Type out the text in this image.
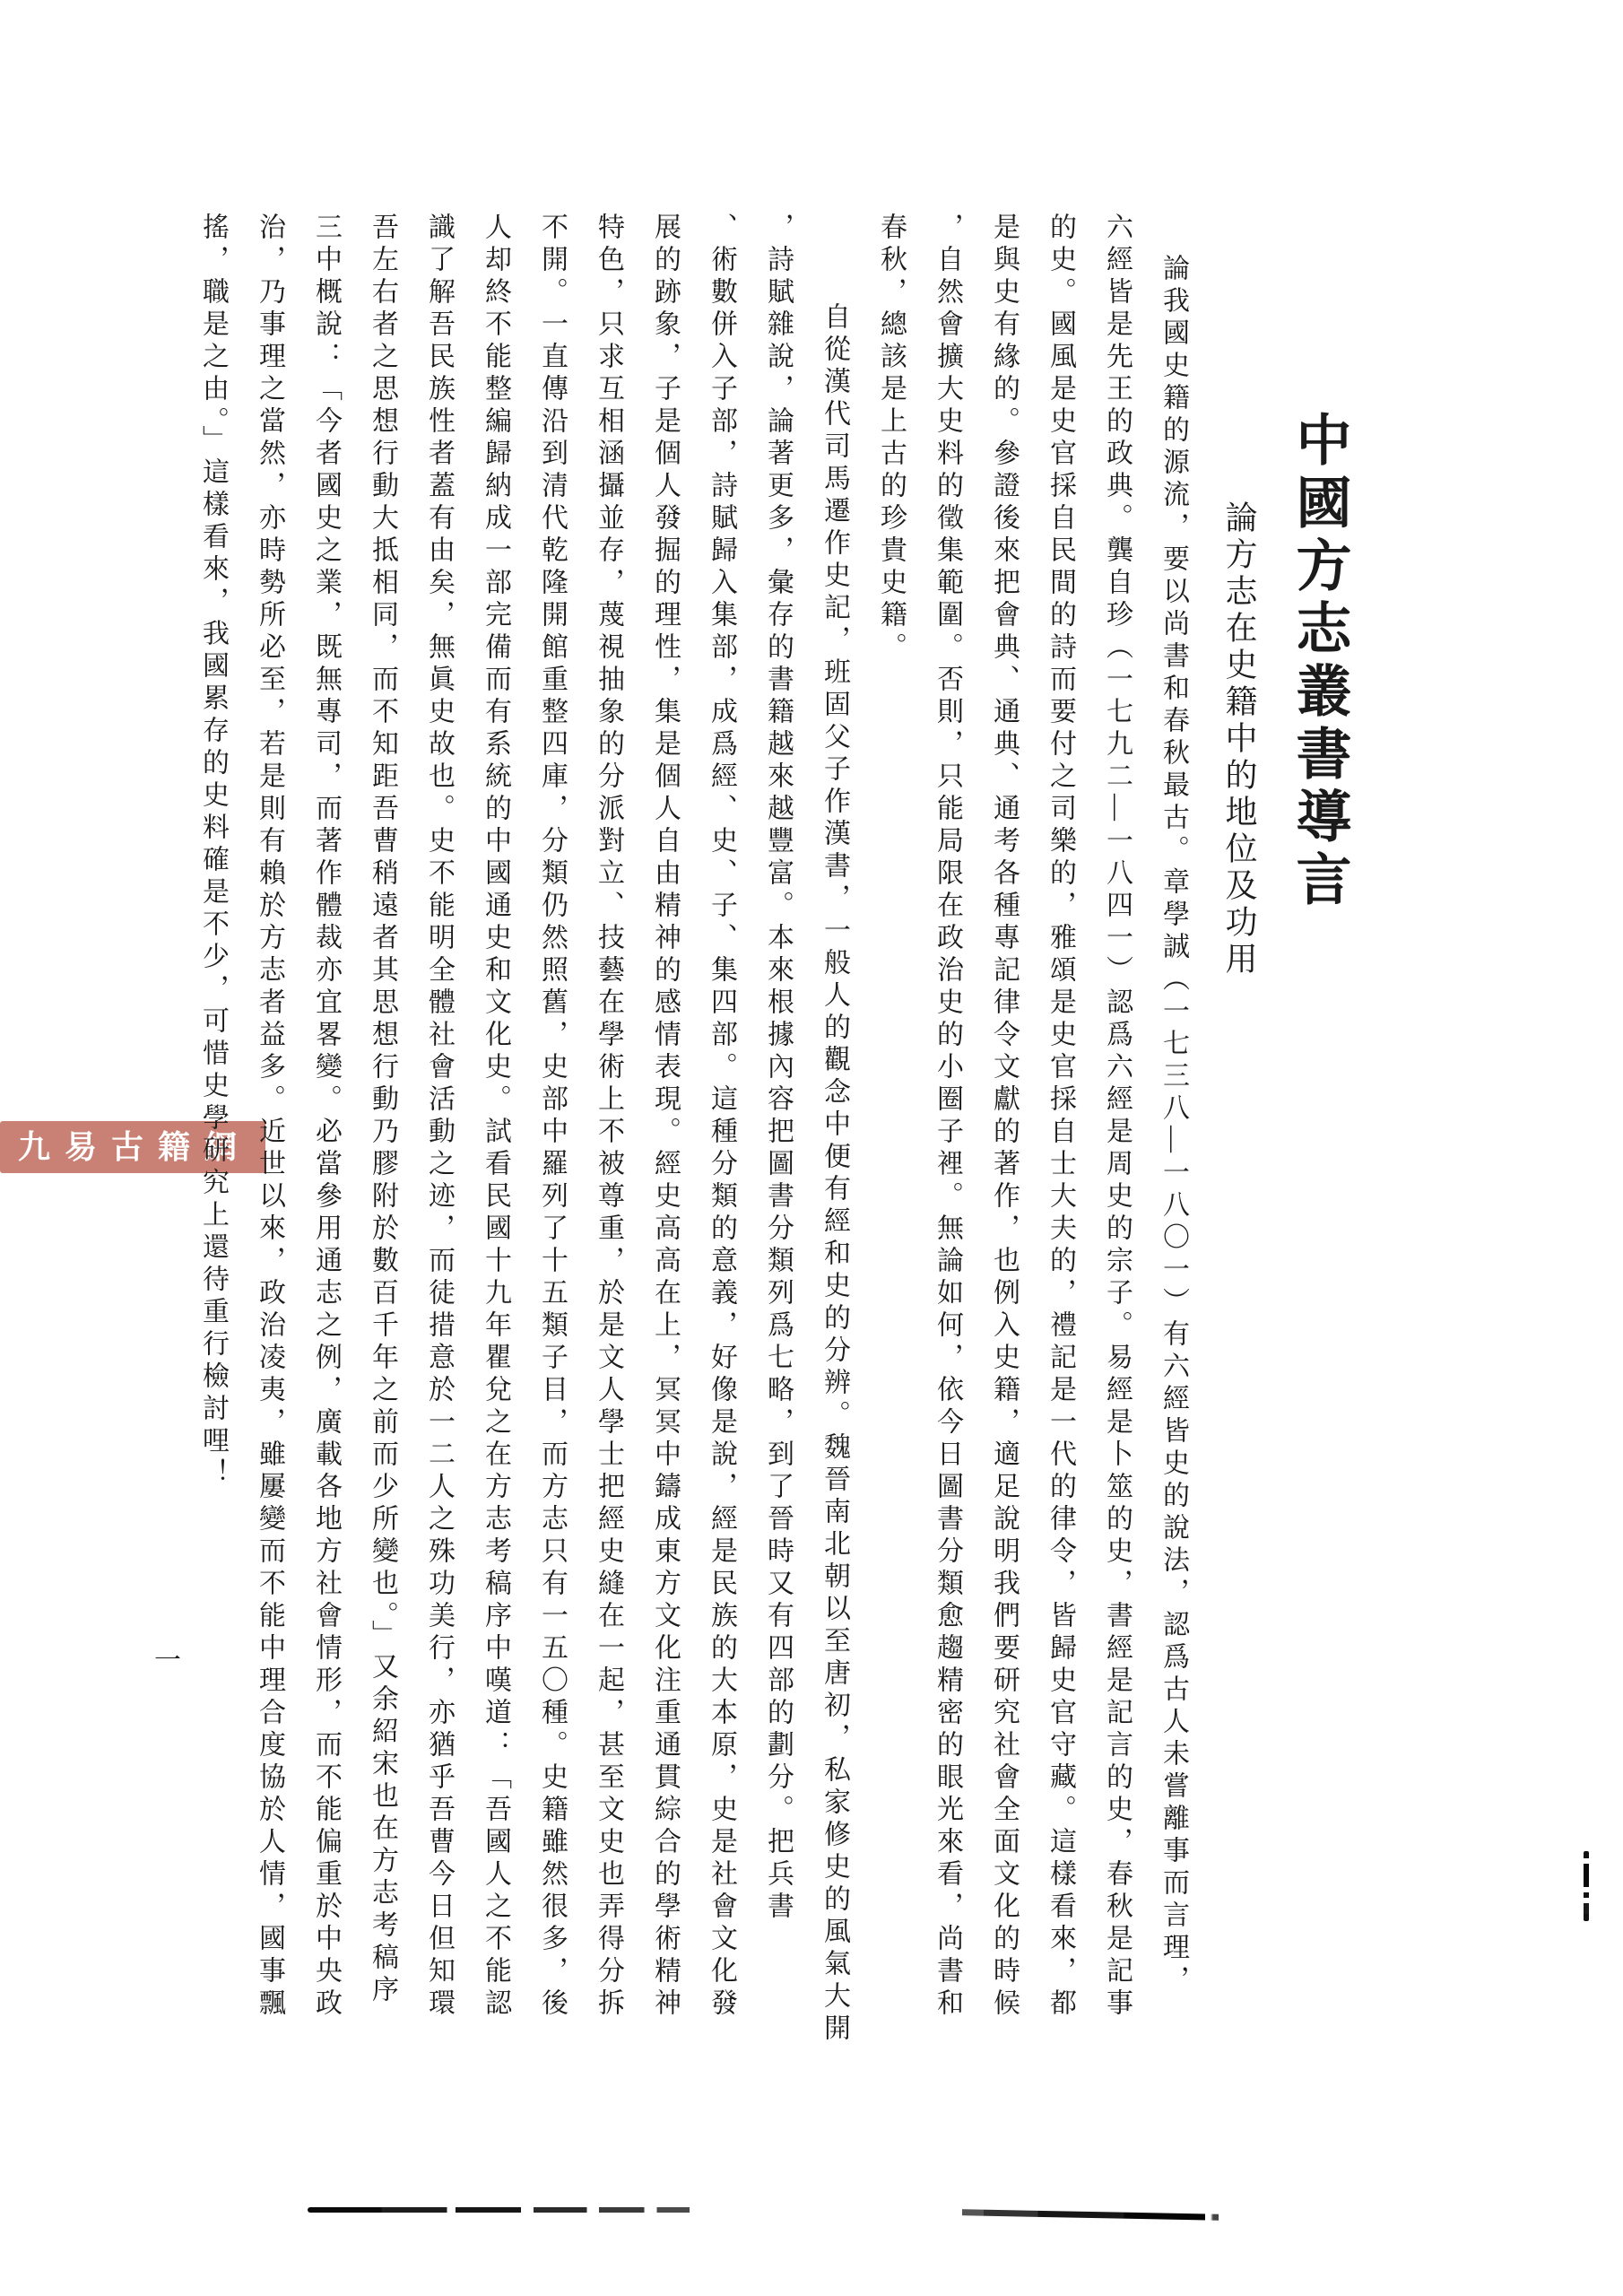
九易古籍網
中國方志叢書導言
論方志在史籍中的地位及功用
論我國史籍的源流，要以尚書和春秋最古。章學誠（一七三八—一八〇一）有六經皆史的說法，認爲古人未嘗離事而言理，
六經皆是先王的政典。龔自珍（一七九二—一八四一）認爲六經是周史的宗子。易經是卜筮的史，書經是記言的史，春秋是記事
的史。國風是史官採自民間的詩而要付之司樂的，雅頌是史官採自士大夫的，禮記是一代的律令，皆歸史官守藏。這樣看來，都
是與史有緣的。參證後來把會典、通典、通考各種專記律令文獻的著作，也例入史籍，適足說明我們要研究社會全面文化的時候
，自然會擴大史料的徵集範圍。否則，只能局限在政治史的小圈子裡。無論如何，依今日圖書分類愈趨精密的眼光來看，尚書和
春秋，總該是上古的珍貴史籍。
自從漢代司馬遷作史記，班固父子作漢書，一般人的觀念中便有經和史的分辨。魏晉南北朝以至唐初，私家修史的風氣大開
，詩賦雜說，論著更多，彙存的書籍越來越豐富。本來根據內容把圖書分類列爲七略，到了晉時又有四部的劃分。把兵書
、術數併入子部，詩賦歸入集部，成爲經、史、子、集四部。這種分類的意義，好像是說，經是民族的大本原，史是社會文化發
展的跡象，子是個人發掘的理性，集是個人自由精神的感情表現。經史高高在上，冥冥中鑄成東方文化注重通貫綜合的學術精神
特色，只求互相涵攝並存，蔑視抽象的分派對立、技藝在學術上不被尊重，於是文人學士把經史縫在一起，甚至文史也弄得分拆
不開。一直傳沿到清代乾隆開館重整四庫，分類仍然照舊，史部中羅列了十五類子目，而方志只有一五〇種。史籍雖然很多，後
人却終不能整編歸納成一部完備而有系統的中國通史和文化史。試看民國十九年瞿兌之在方志考稿序中嘆道：「吾國人之不能認
識了解吾民族性者蓋有由矣，無眞史故也。史不能明全體社會活動之迹，而徒措意於一二人之殊功美行，亦猶乎吾曹今日但知環
吾左右者之思想行動大抵相同，而不知距吾曹稍遠者其思想行動乃膠附於數百千年之前而少所變也。」又余紹宋也在方志考稿序
三中概說：「今者國史之業，既無專司，而著作體裁亦宜畧變。必當參用通志之例，廣載各地方社會情形，而不能偏重於中央政
治，乃事理之當然，亦時勢所必至，若是則有賴於方志者益多。近世以來，政治凌夷，雖屢變而不能中理合度協於人情，國事飄
搖，職是之由。」這樣看來，我國累存的史料確是不少，可惜史學研究上還待重行檢討哩！
一
